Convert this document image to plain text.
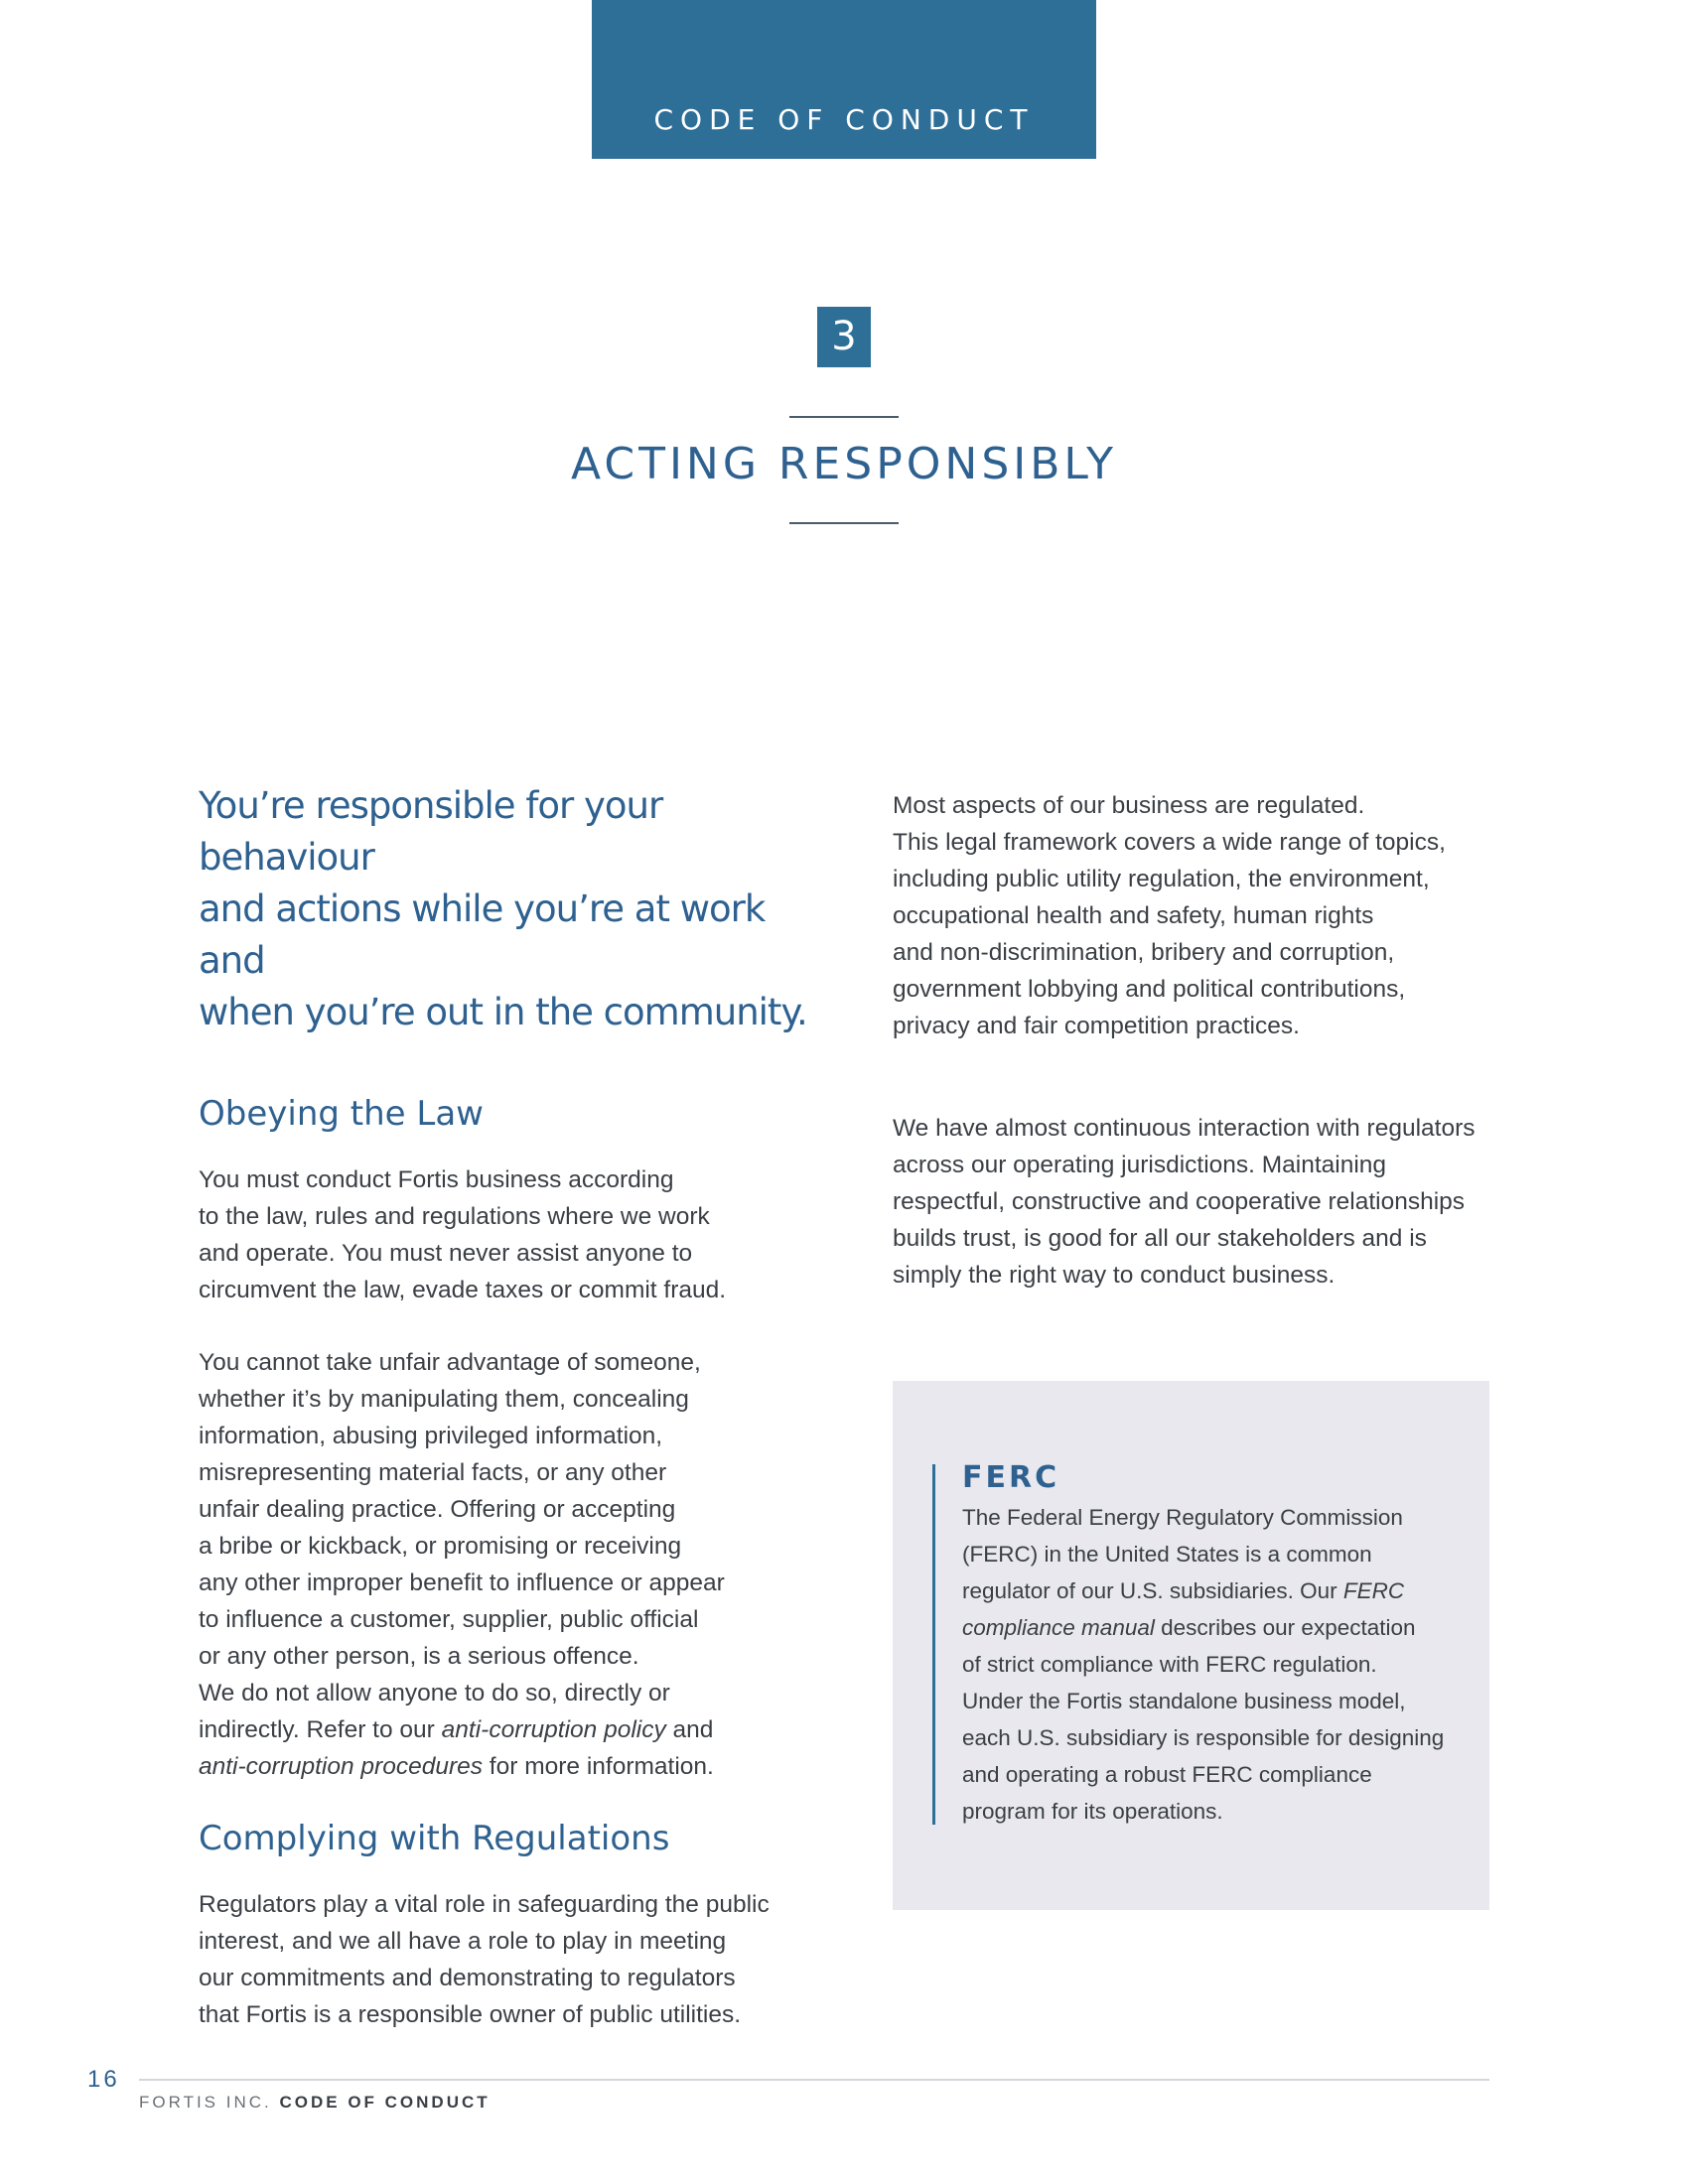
CODE OF CONDUCT
3
ACTING RESPONSIBLY

You’re responsible for your behaviour
and actions while you’re at work and
when you’re out in the community.

Obeying the Law

You must conduct Fortis business according
to the law, rules and regulations where we work
and operate. You must never assist anyone to
circumvent the law, evade taxes or commit fraud.

You cannot take unfair advantage of someone,
whether it’s by manipulating them, concealing
information, abusing privileged information,
misrepresenting material facts, or any other
unfair dealing practice. Offering or accepting
a bribe or kickback, or promising or receiving
any other improper benefit to influence or appear
to influence a customer, supplier, public official
or any other person, is a serious offence.
We do not allow anyone to do so, directly or
indirectly. Refer to our anti-corruption policy and
anti-corruption procedures for more information.

Complying with Regulations

Regulators play a vital role in safeguarding the public
interest, and we all have a role to play in meeting
our commitments and demonstrating to regulators
that Fortis is a responsible owner of public utilities.

Most aspects of our business are regulated.
This legal framework covers a wide range of topics,
including public utility regulation, the environment,
occupational health and safety, human rights
and non-discrimination, bribery and corruption,
government lobbying and political contributions,
privacy and fair competition practices.

We have almost continuous interaction with regulators
across our operating jurisdictions. Maintaining
respectful, constructive and cooperative relationships
builds trust, is good for all our stakeholders and is
simply the right way to conduct business.

FERC

The Federal Energy Regulatory Commission
(FERC) in the United States is a common
regulator of our U.S. subsidiaries. Our FERC
compliance manual describes our expectation
of strict compliance with FERC regulation.
Under the Fortis standalone business model,
each U.S. subsidiary is responsible for designing
and operating a robust FERC compliance
program for its operations.

16
FORTIS INC. CODE OF CONDUCT
